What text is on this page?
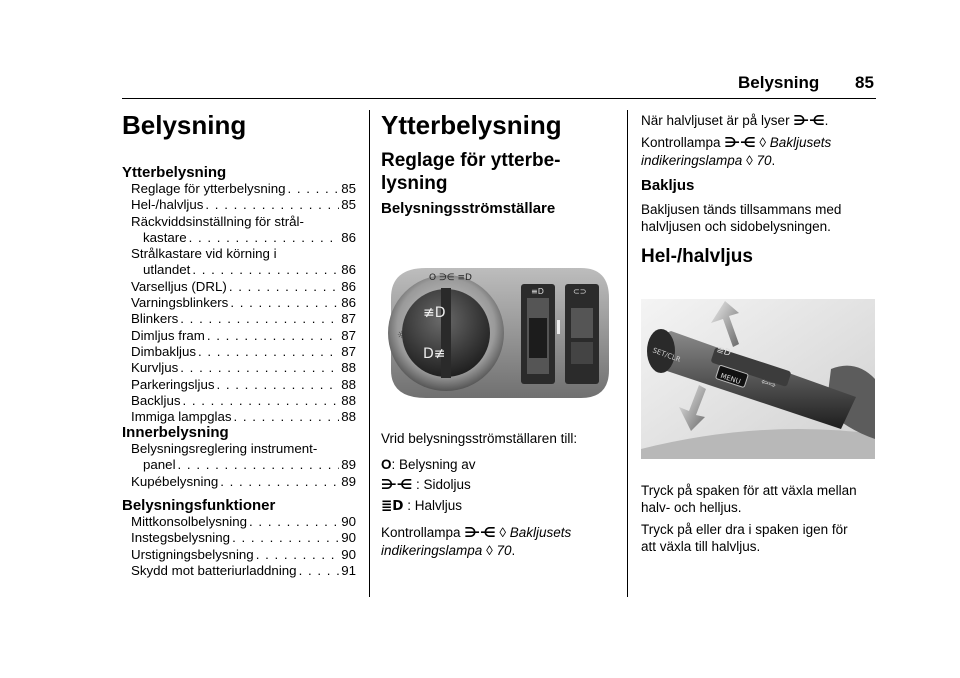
Belysning 85
Belysning
Ytterbelysning
Reglage för ytterbelysning . . .	85
Hel-/halvljus . . .	85
Räckviddsinställning för strål-
kastare . . .	86
Strålkastare vid körning i
utlandet . . .	86
Varselljus (DRL) . . .	86
Varningsblinkers . . .	86
Blinkers . . .	87
Dimljus fram . . .	87
Dimbakljus . . .	87
Kurvljus . . .	88
Parkeringsljus . . .	88
Backljus . . .	88
Immiga lampglas . . .	88
Innerbelysning
Belysningsreglering instrument-
panel . . .	89
Kupébelysning . . .	89
Belysningsfunktioner
Mittkonsolbelysning . . .	90
Instegsbelysning . . .	90
Urstigningsbelysning . . .	90
Skydd mot batteriurladdning . . .	91
Ytterbelysning
Reglage för ytterbe-
lysning
Belysningsströmställare
≢D
D≢
☼
O ∋∈ ≡D
≡D	⊂⊃
Vrid belysningsströmställaren till:
O: Belysning av
⋺⋲ : Sidoljus
≣D : Halvljus
Kontrollampa ⋺⋲ ◊ Bakljusets
indikeringslampa ◊ 70.
När halvljuset är på lyser ⋺⋲.
Kontrollampa ⋺⋲ ◊ Bakljusets
indikeringslampa ◊ 70.
Bakljus
Bakljusen tänds tillsammans med
halvljusen och sidobelysningen.
Hel-/halvljus
MENU
SET/CLR
⇦⇨
≣D
Tryck på spaken för att växla mellan
halv- och helljus.
Tryck på eller dra i spaken igen för
att växla till halvljus.
